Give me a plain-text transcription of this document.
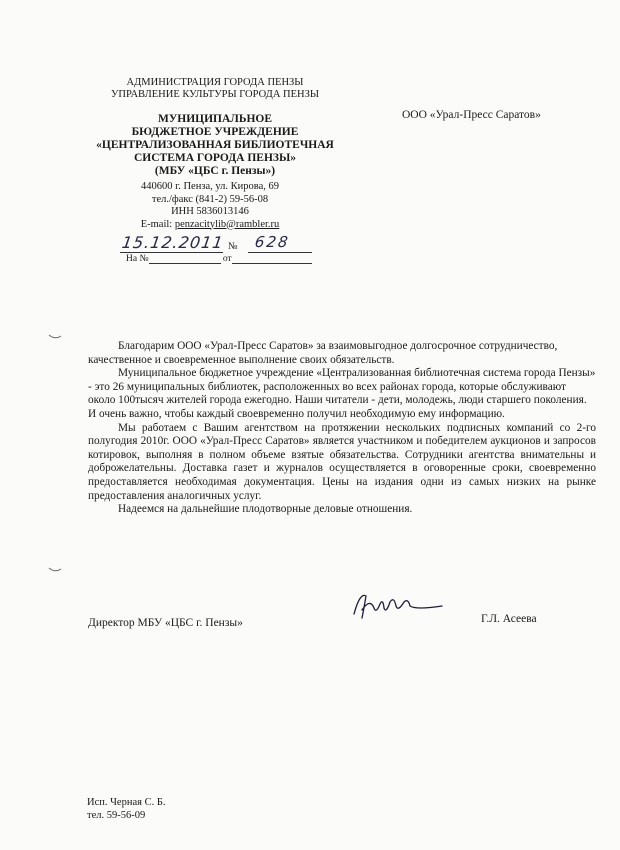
АДМИНИСТРАЦИЯ ГОРОДА ПЕНЗЫ
УПРАВЛЕНИЕ КУЛЬТУРЫ ГОРОДА ПЕНЗЫ
МУНИЦИПАЛЬНОЕ
БЮДЖЕТНОЕ УЧРЕЖДЕНИЕ
«ЦЕНТРАЛИЗОВАННАЯ БИБЛИОТЕЧНАЯ
СИСТЕМА ГОРОДА ПЕНЗЫ»
(МБУ «ЦБС г. Пензы»)
440600 г. Пенза, ул. Кирова, 69
тел./факс (841-2) 59-56-08
ИНН 5836013146
E-mail: penzacitylib@rambler.ru
ООО «Урал-Пресс Саратов»
15.12.2011 № 628
На №	от

Благодарим ООО «Урал-Пресс Саратов» за взаимовыгодное долгосрочное сотрудничество, качественное и своевременное выполнение своих обязательств.

Муниципальное бюджетное учреждение «Централизованная библиотечная система города Пензы» - это 26 муниципальных библиотек, расположенных во всех районах города, которые обслуживают около 100тысяч жителей города ежегодно. Наши читатели - дети, молодежь, люди старшего поколения. И очень важно, чтобы каждый своевременно получил необходимую ему информацию.

Мы работаем с Вашим агентством на протяжении нескольких подписных компаний со 2-го полугодия 2010г. ООО «Урал-Пресс Саратов» является участником и победителем аукционов и запросов котировок, выполняя в полном объеме взятые обязательства. Сотрудники агентства внимательны и доброжелательны. Доставка газет и журналов осуществляется в оговоренные сроки, своевременно предоставляется необходимая документация. Цены на издания одни из самых низких на рынке предоставления аналогичных услуг.

Надеемся на дальнейшие плодотворные деловые отношения.

Директор МБУ «ЦБС г. Пензы»	Г.Л. Асеева
Исп. Черная С. Б.
тел. 59-56-09
